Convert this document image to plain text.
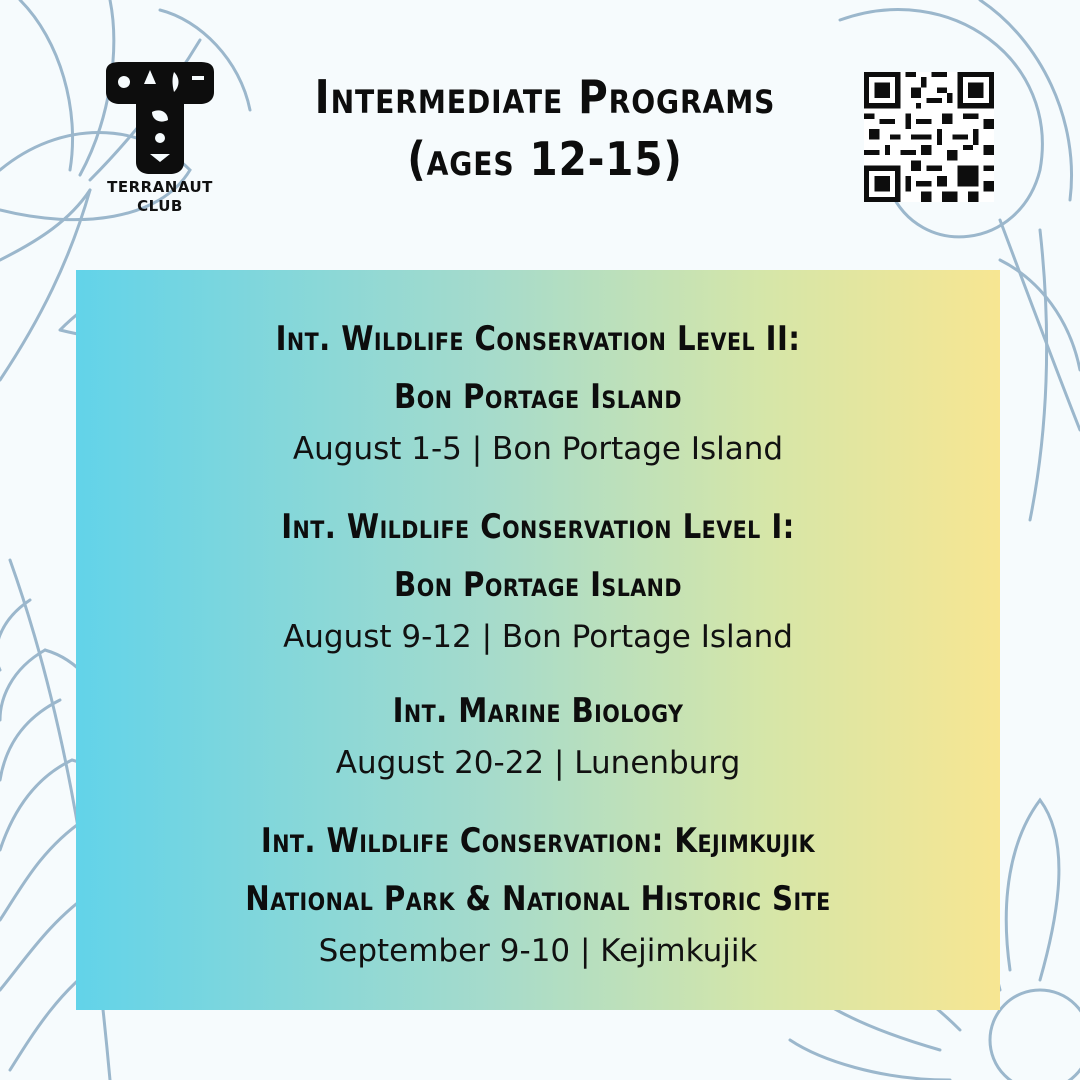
TERRANAUT
CLUB
Intermediate Programs
(ages 12-15)
Int. Wildlife Conservation Level II:
Bon Portage Island
August 1-5 | Bon Portage Island
Int. Wildlife Conservation Level I:
Bon Portage Island
August 9-12 | Bon Portage Island
Int. Marine Biology
August 20-22 | Lunenburg
Int. Wildlife Conservation: Kejimkujik
National Park & National Historic Site
September 9-10 | Kejimkujik
